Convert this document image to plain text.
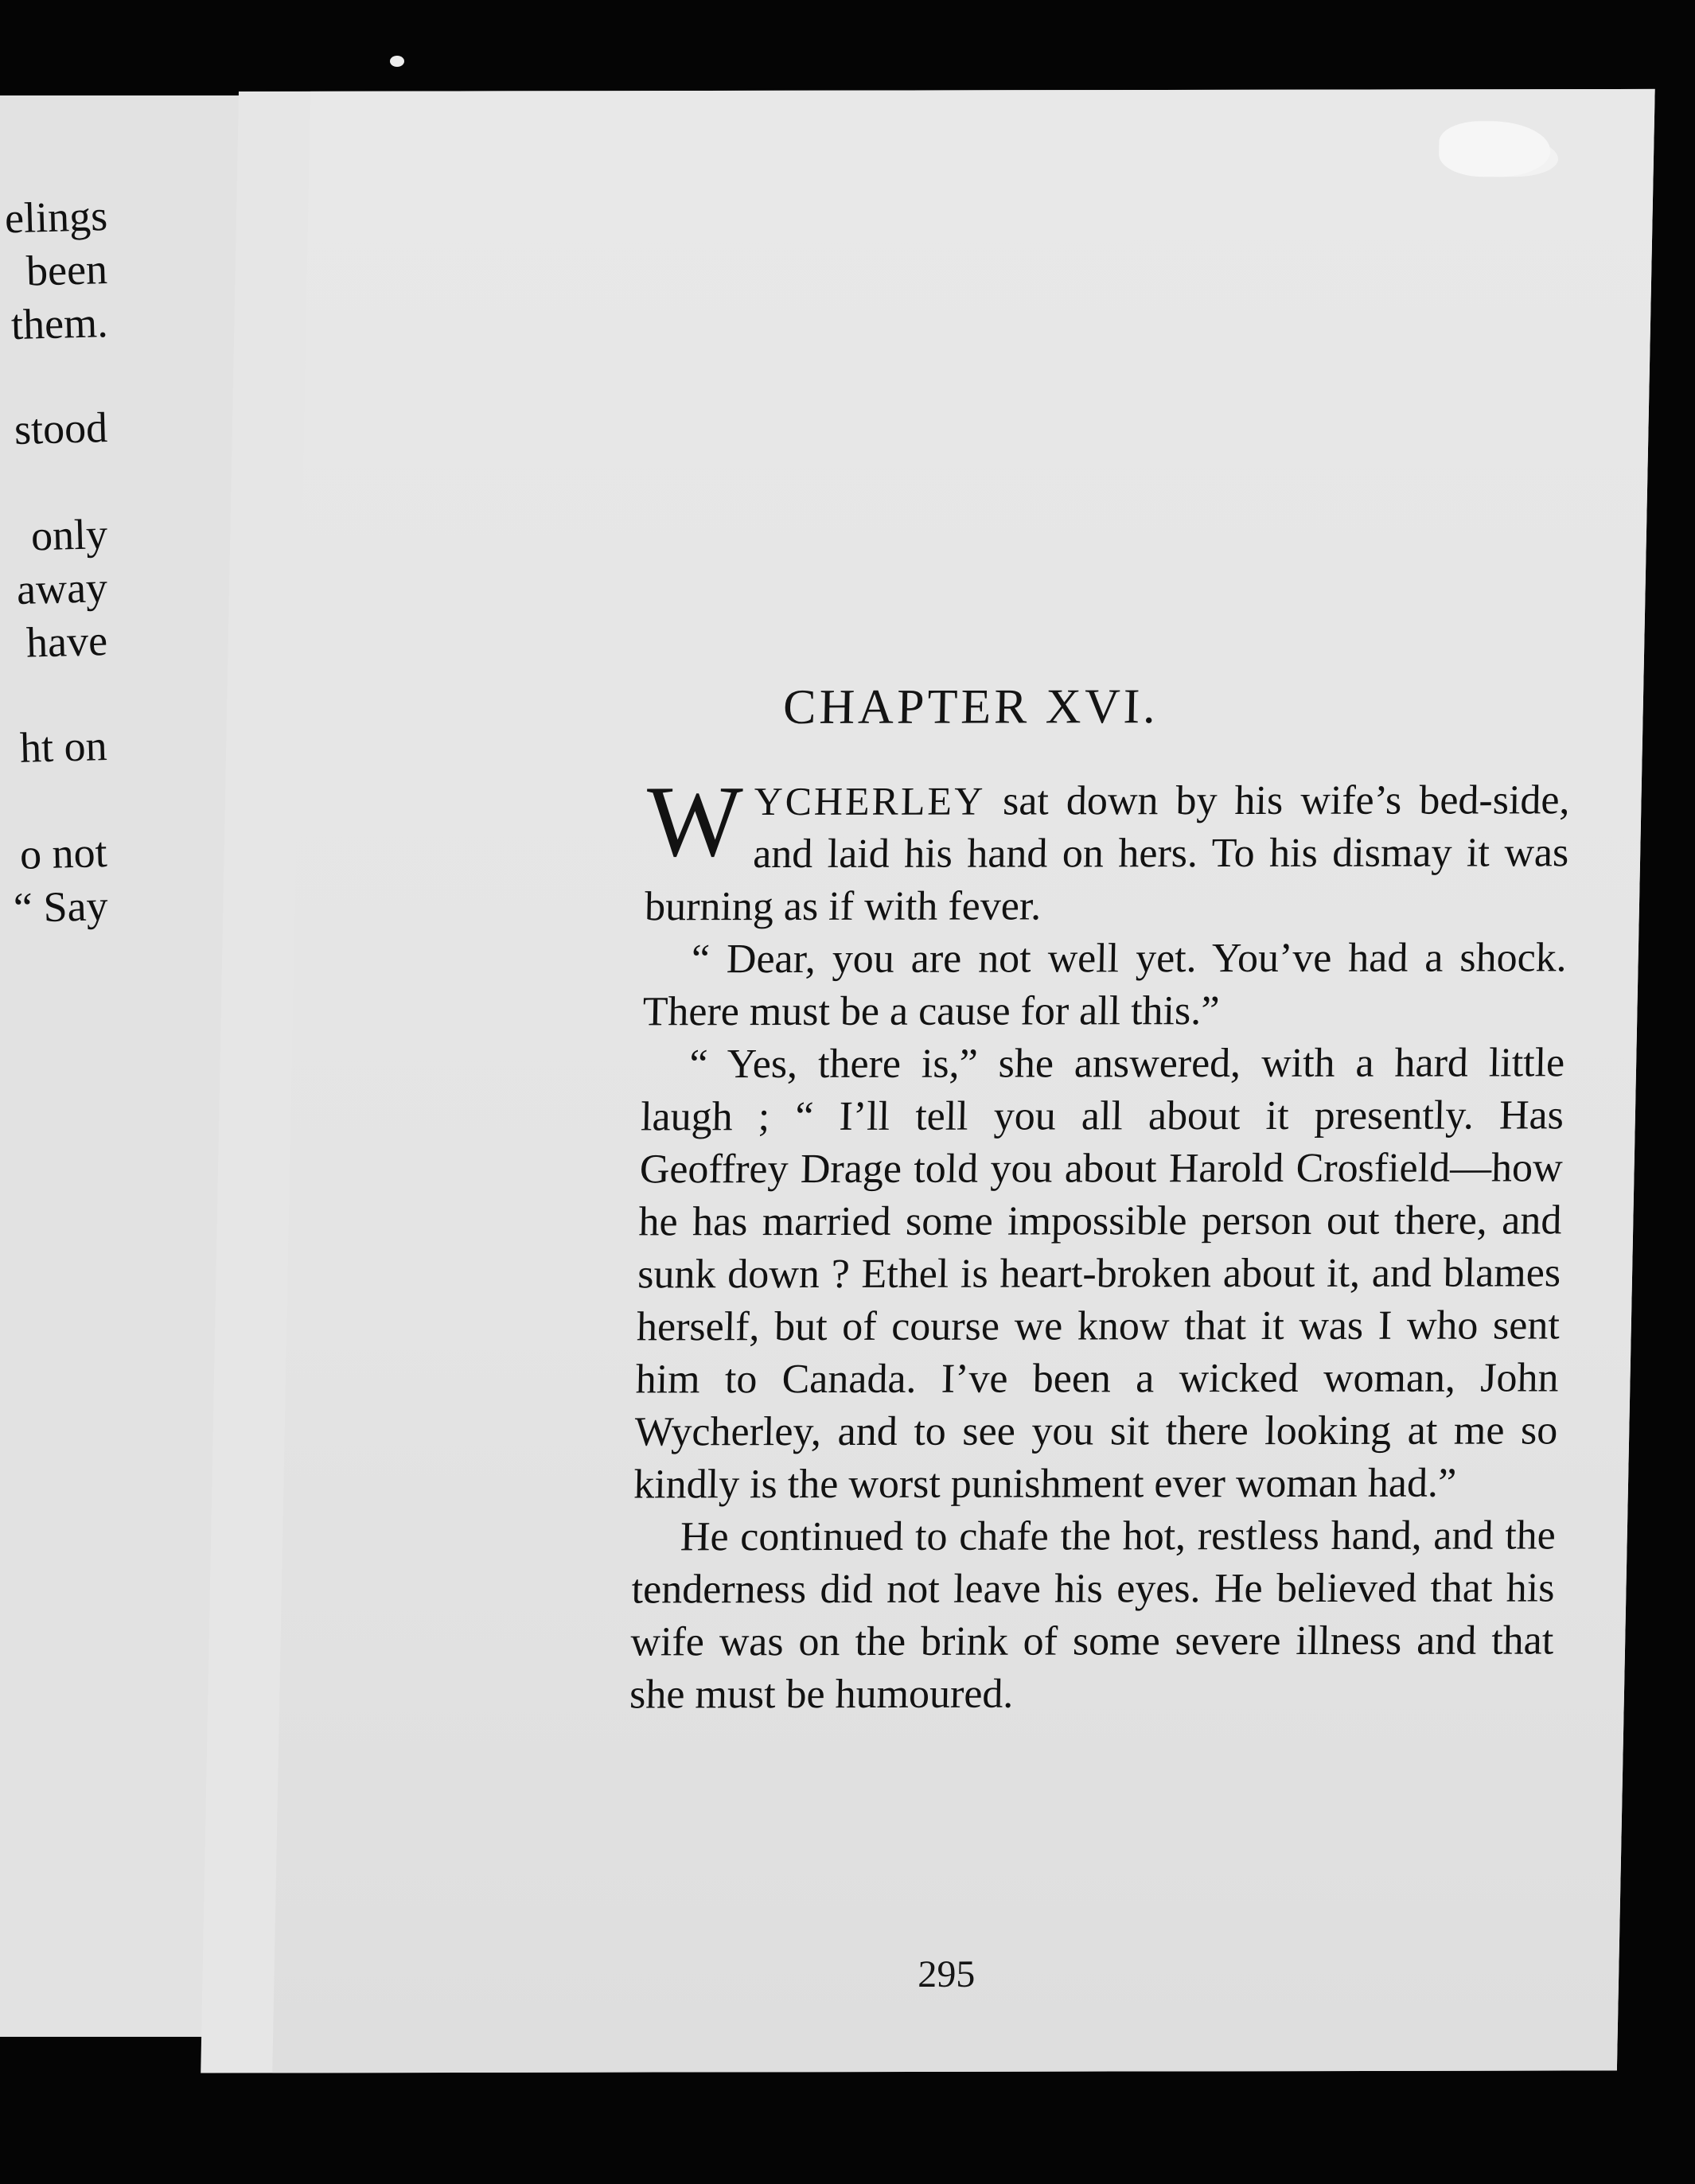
elings
been
them.
stood
only
away
have
ht on
o not
“ Say
CHAPTER XVI.

WYCHERLEY sat down by his wife’s bed-side, and laid his hand on hers. To his dismay it was burning as if with fever.

“ Dear, you are not well yet. You’ve had a shock. There must be a cause for all this.”

“ Yes, there is,” she answered, with a hard little laugh ; “ I’ll tell you all about it presently. Has Geoffrey Drage told you about Harold Crosfield—how he has married some impossible person out there, and sunk down ? Ethel is heart-broken about it, and blames herself, but of course we know that it was I who sent him to Canada. I’ve been a wicked woman, John Wycherley, and to see you sit there looking at me so kindly is the worst punishment ever woman had.”

He continued to chafe the hot, restless hand, and the tenderness did not leave his eyes. He believed that his wife was on the brink of some severe illness and that she must be humoured.

295
